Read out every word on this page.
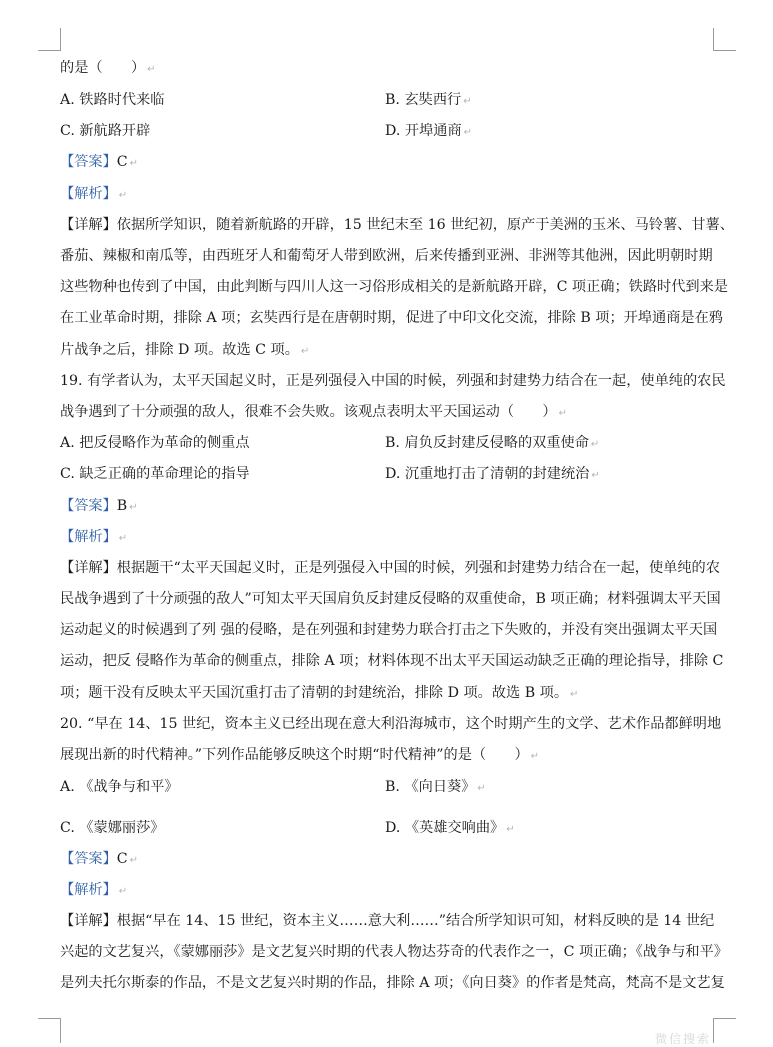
的是（　　） ↵
A. 铁路时代来临	B. 玄奘西行 ↵
C. 新航路开辟	D. 开埠通商 ↵
【答案】C ↵
【解析】 ↵
【详解】依据所学知识，随着新航路的开辟，15 世纪末至 16 世纪初，原产于美洲的玉米、马铃薯、甘薯、
番茄、辣椒和南瓜等，由西班牙人和葡萄牙人带到欧洲，后来传播到亚洲、非洲等其他洲，因此明朝时期
这些物种也传到了中国，由此判断与四川人这一习俗形成相关的是新航路开辟，C 项正确；铁路时代到来是
在工业革命时期，排除 A 项；玄奘西行是在唐朝时期，促进了中印文化交流，排除 B 项；开埠通商是在鸦
片战争之后，排除 D 项。故选 C 项。 ↵
19. 有学者认为，太平天国起义时，正是列强侵入中国的时候，列强和封建势力结合在一起，使单纯的农民
战争遇到了十分顽强的敌人，很难不会失败。该观点表明太平天国运动（　　） ↵
A. 把反侵略作为革命的侧重点	B. 肩负反封建反侵略的双重使命 ↵
C. 缺乏正确的革命理论的指导	D. 沉重地打击了清朝的封建统治 ↵
【答案】B ↵
【解析】 ↵
【详解】根据题干“太平天国起义时，正是列强侵入中国的时候，列强和封建势力结合在一起，使单纯的农
民战争遇到了十分顽强的敌人”可知太平天国肩负反封建反侵略的双重使命，B 项正确；材料强调太平天国
运动起义的时候遇到了列 强的侵略，是在列强和封建势力联合打击之下失败的，并没有突出强调太平天国
运动，把反 侵略作为革命的侧重点，排除 A 项；材料体现不出太平天国运动缺乏正确的理论指导，排除 C
项；题干没有反映太平天国沉重打击了清朝的封建统治，排除 D 项。故选 B 项。 ↵
20. “早在 14、15 世纪，资本主义已经出现在意大利沿海城市，这个时期产生的文学、艺术作品都鲜明地
展现出新的时代精神。”下列作品能够反映这个时期“时代精神”的是（　　） ↵
A. 《战争与和平》	B. 《向日葵》 ↵
C. 《蒙娜丽莎》	D. 《英雄交响曲》 ↵
【答案】C ↵
【解析】 ↵
【详解】根据“早在 14、15 世纪，资本主义……意大利……”结合所学知识可知，材料反映的是 14 世纪
兴起的文艺复兴，《蒙娜丽莎》是文艺复兴时期的代表人物达芬奇的代表作之一，C 项正确；《战争与和平》
是列夫托尔斯泰的作品，不是文艺复兴时期的作品，排除 A 项；《向日葵》的作者是梵高，梵高不是文艺复
微信搜索
